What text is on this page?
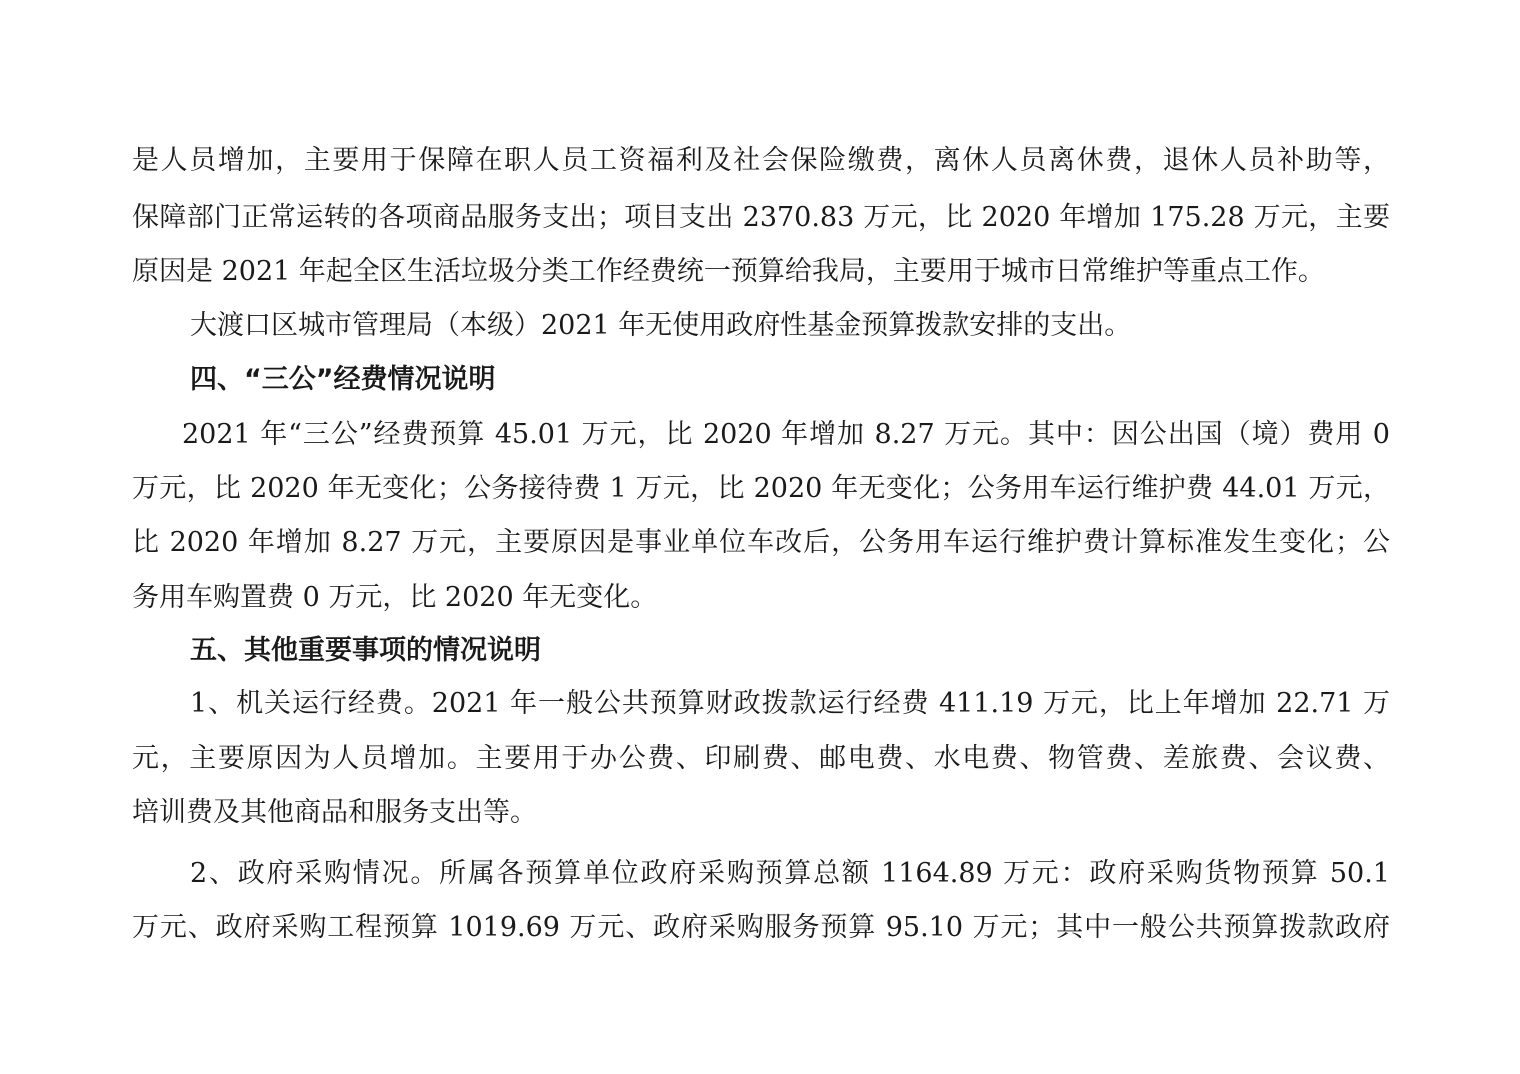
是人员增加，主要用于保障在职人员工资福利及社会保险缴费，离休人员离休费，退休人员补助等，
保障部门正常运转的各项商品服务支出；项目支出 2370.83 万元，比 2020 年增加 175.28 万元，主要
原因是 2021 年起全区生活垃圾分类工作经费统一预算给我局，主要用于城市日常维护等重点工作。
大渡口区城市管理局（本级）2021 年无使用政府性基金预算拨款安排的支出。
四、“三公”经费情况说明
2021 年“三公”经费预算 45.01 万元，比 2020 年增加 8.27 万元。其中：因公出国（境）费用 0
万元，比 2020 年无变化；公务接待费 1 万元，比 2020 年无变化；公务用车运行维护费 44.01 万元，
比 2020 年增加 8.27 万元，主要原因是事业单位车改后，公务用车运行维护费计算标准发生变化；公
务用车购置费 0 万元，比 2020 年无变化。
五、其他重要事项的情况说明
1、机关运行经费。2021 年一般公共预算财政拨款运行经费 411.19 万元，比上年增加 22.71 万
元，主要原因为人员增加。主要用于办公费、印刷费、邮电费、水电费、物管费、差旅费、会议费、
培训费及其他商品和服务支出等。
2、政府采购情况。所属各预算单位政府采购预算总额 1164.89 万元：政府采购货物预算 50.1
万元、政府采购工程预算 1019.69 万元、政府采购服务预算 95.10 万元；其中一般公共预算拨款政府
